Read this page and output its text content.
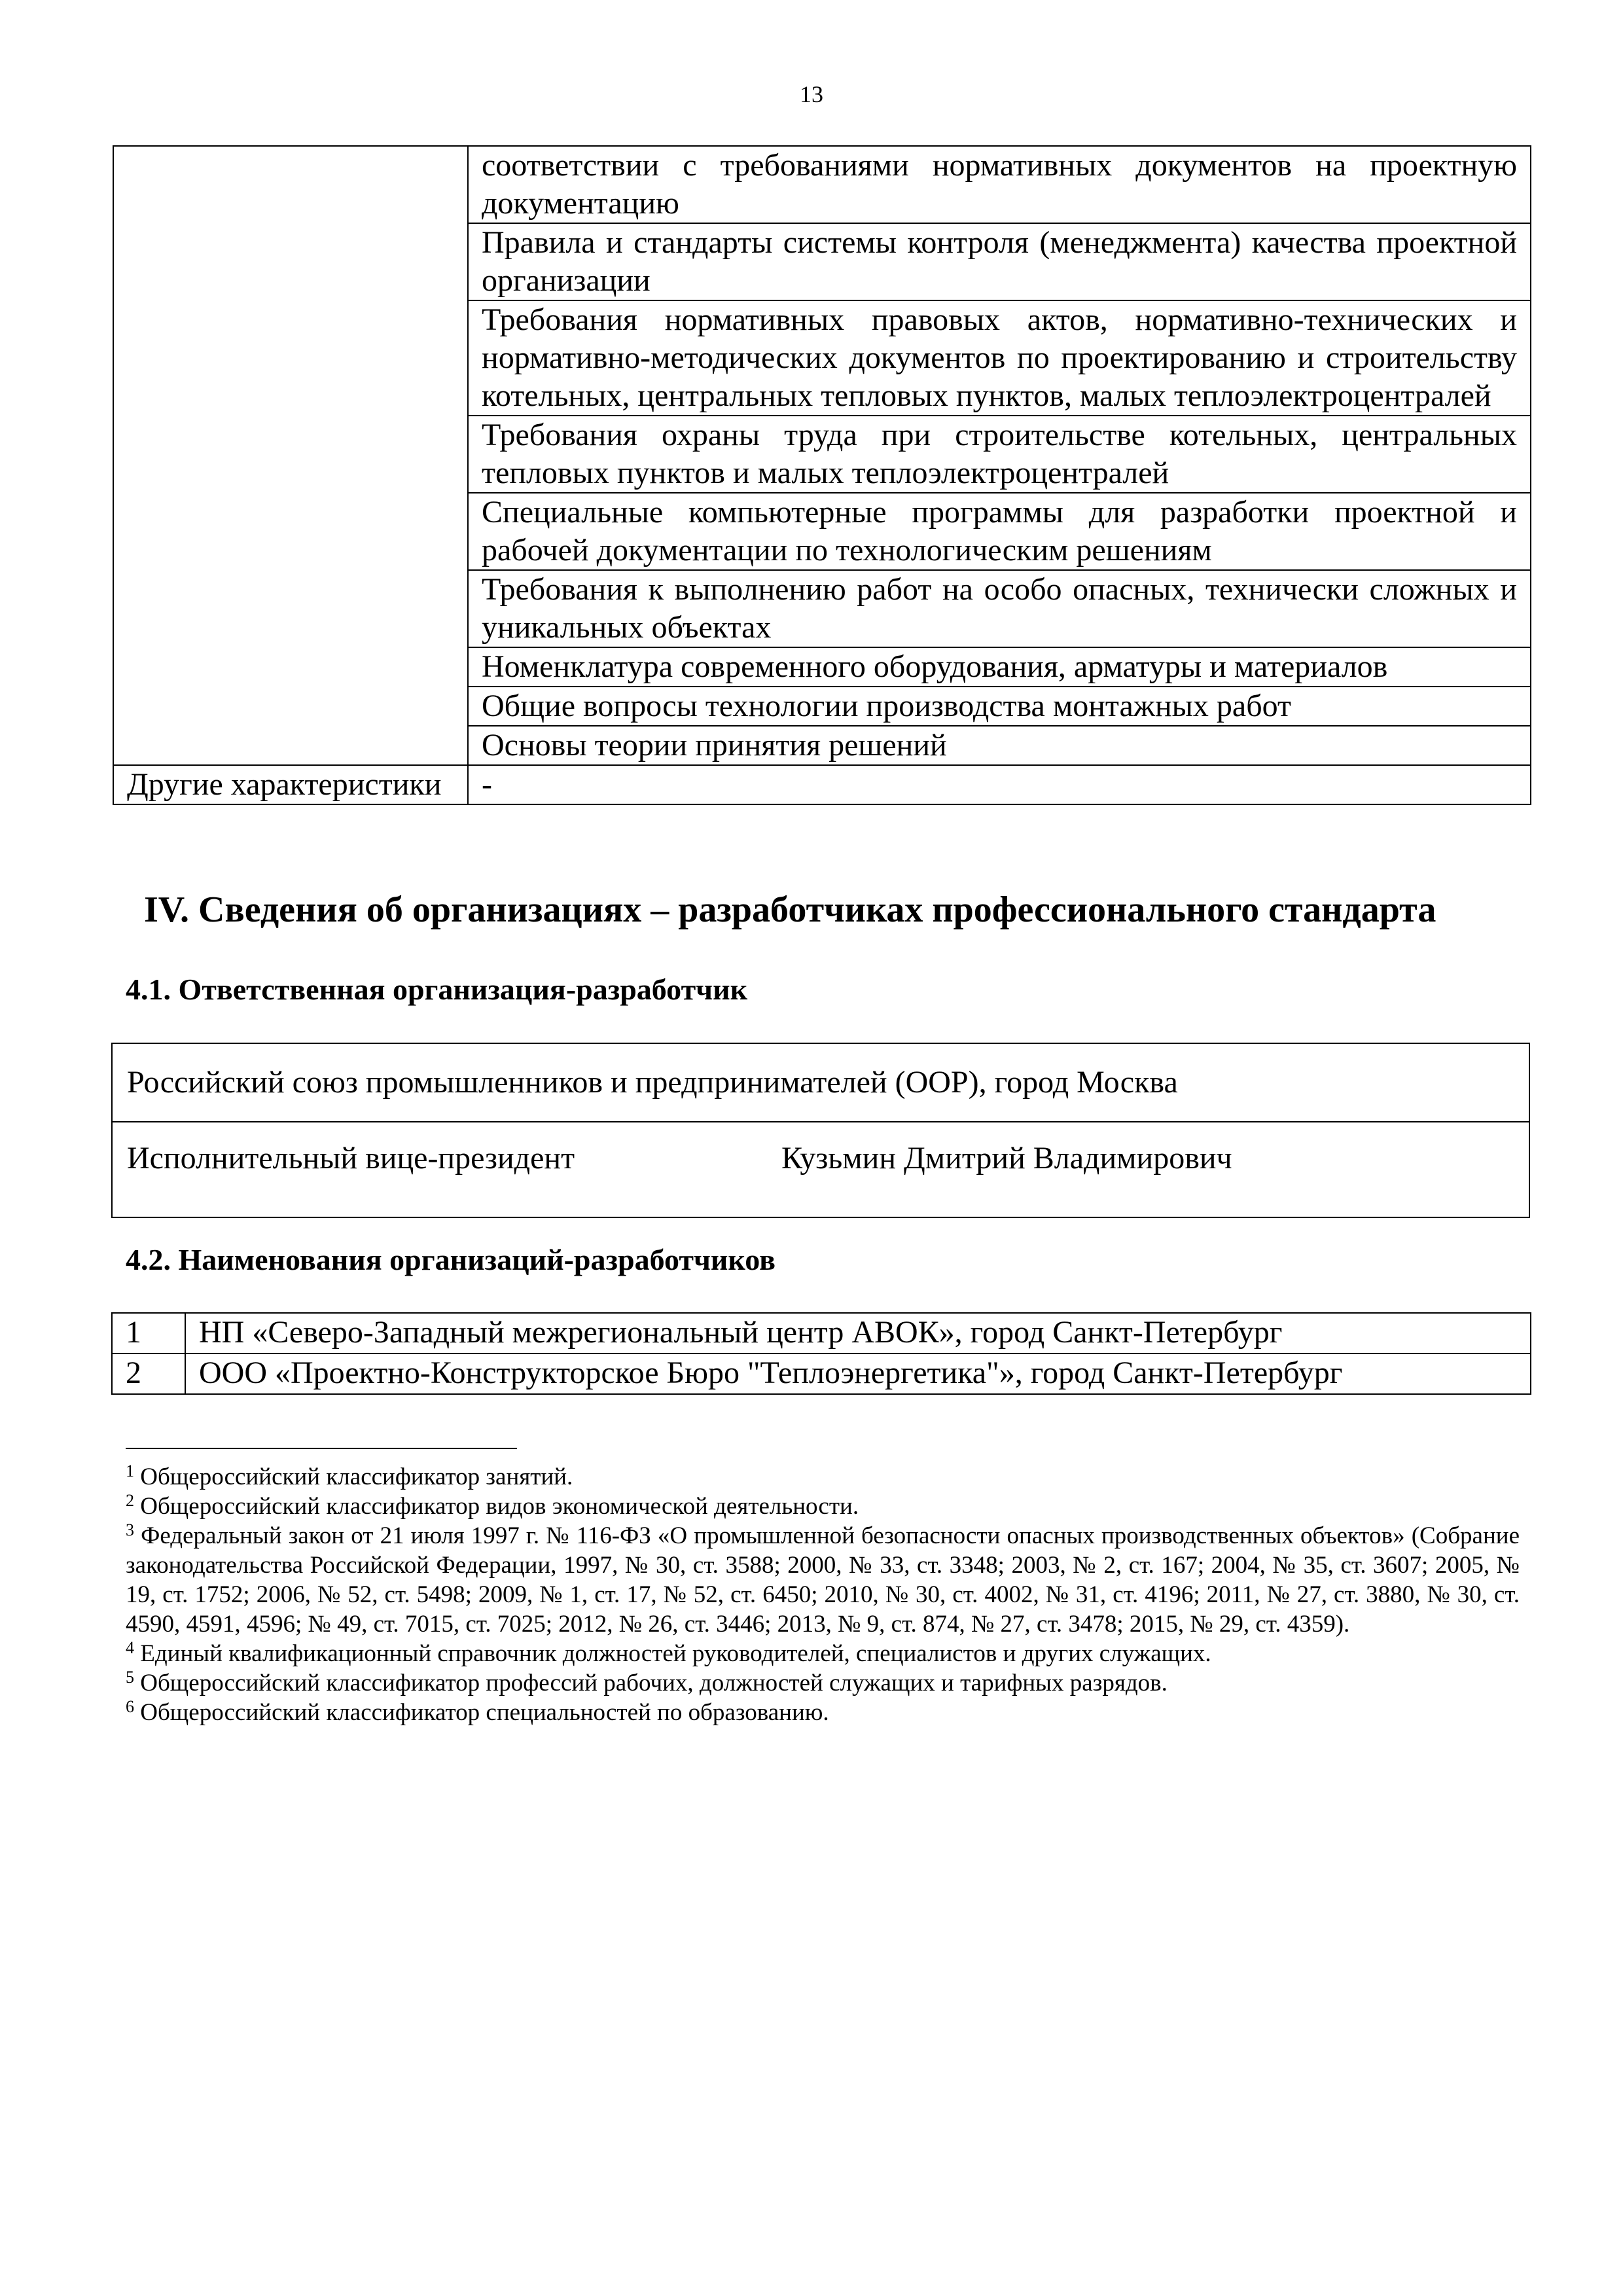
13
	соответствии с требованиями нормативных документов на проектную документацию
	Правила и стандарты системы контроля (менеджмента) качества проектной организации
	Требования нормативных правовых актов, нормативно-технических и нормативно-методических документов по проектированию и строительству котельных, центральных тепловых пунктов, малых теплоэлектроцентралей
	Требования охраны труда при строительстве котельных, центральных тепловых пунктов и малых теплоэлектроцентралей
	Специальные компьютерные программы для разработки проектной и рабочей документации по технологическим решениям
	Требования к выполнению работ на особо опасных, технически сложных и уникальных объектах
	Номенклатура современного оборудования, арматуры и материалов
	Общие вопросы технологии производства монтажных работ
	Основы теории принятия решений
Другие характеристики	-
IV. Сведения об организациях – разработчиках профессионального стандарта
4.1. Ответственная организация-разработчик
Российский союз промышленников и предпринимателей (ООР), город Москва
Исполнительный вице-президент	Кузьмин Дмитрий Владимирович
4.2. Наименования организаций-разработчиков
1	НП «Северо-Западный межрегиональный центр АВОК», город Санкт-Петербург
2	ООО «Проектно-Конструкторское Бюро "Теплоэнергетика"», город Санкт-Петербург
$^1$ Общероссийский классификатор занятий.
$^2$ Общероссийский классификатор видов экономической деятельности.
$^3$ Федеральный закон от 21 июля 1997 г. № 116-ФЗ «О промышленной безопасности опасных производственных объектов» (Собрание законодательства Российской Федерации, 1997, № 30, ст. 3588; 2000, № 33, ст. 3348; 2003, № 2, ст. 167; 2004, № 35, ст. 3607; 2005, № 19, ст. 1752; 2006, № 52, ст. 5498; 2009, № 1, ст. 17, № 52, ст. 6450; 2010, № 30, ст. 4002, № 31, ст. 4196; 2011, № 27, ст. 3880, № 30, ст. 4590, 4591, 4596; № 49, ст. 7015, ст. 7025; 2012, № 26, ст. 3446; 2013, № 9, ст. 874, № 27, ст. 3478; 2015, № 29, ст. 4359).
$^4$ Единый квалификационный справочник должностей руководителей, специалистов и других служащих.
$^5$ Общероссийский классификатор профессий рабочих, должностей служащих и тарифных разрядов.
$^6$ Общероссийский классификатор специальностей по образованию.
